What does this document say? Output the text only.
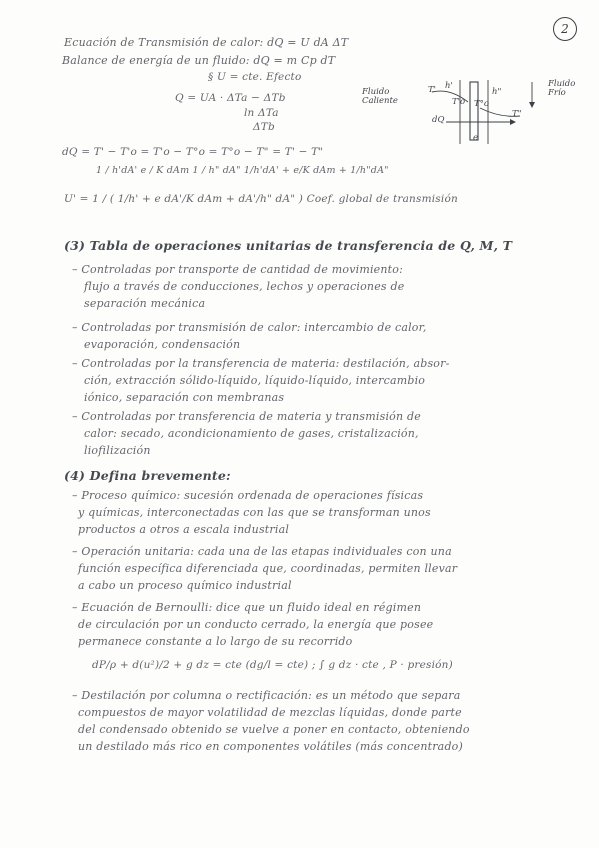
2
Ecuación de Transmisión de calor: dQ = U dA ΔT
Balance de energía de un fluido: dQ = m Cp dT
§ U = cte. Efecto
Q = UA · ΔTa − ΔTb
ln ΔTa
ΔTb
dQ = T' − T'o = T'o − T°o = T°o − T" = T' − T"
1 / h'dA' e / K dAm 1 / h" dA" 1/h'dA' + e/K dAm + 1/h"dA"
U' = 1 / ( 1/h' + e dA'/K dAm + dA'/h" dA" ) Coef. global de transmisión
Fluido Caliente
Fluido Frío
T'
T'o T°o
T"
h'
h"
dQ
e
(3) Tabla de operaciones unitarias de transferencia de Q, M, T
– Controladas por transporte de cantidad de movimiento:
flujo a través de conducciones, lechos y operaciones de
separación mecánica
– Controladas por transmisión de calor: intercambio de calor,
evaporación, condensación
– Controladas por la transferencia de materia: destilación, absor-
ción, extracción sólido-líquido, líquido-líquido, intercambio
iónico, separación con membranas
– Controladas por transferencia de materia y transmisión de
calor: secado, acondicionamiento de gases, cristalización,
liofilización
(4) Defina brevemente:
– Proceso químico: sucesión ordenada de operaciones físicas
y químicas, interconectadas con las que se transforman unos
productos a otros a escala industrial
– Operación unitaria: cada una de las etapas individuales con una
función específica diferenciada que, coordinadas, permiten llevar
a cabo un proceso químico industrial
– Ecuación de Bernoulli: dice que un fluido ideal en régimen
de circulación por un conducto cerrado, la energía que posee
permanece constante a lo largo de su recorrido
dP/ρ + d(u²)/2 + g dz = cte (dg/l = cte) ; ∫ g dz · cte , P · presión)
– Destilación por columna o rectificación: es un método que separa
compuestos de mayor volatilidad de mezclas líquidas, donde parte
del condensado obtenido se vuelve a poner en contacto, obteniendo
un destilado más rico en componentes volátiles (más concentrado)
